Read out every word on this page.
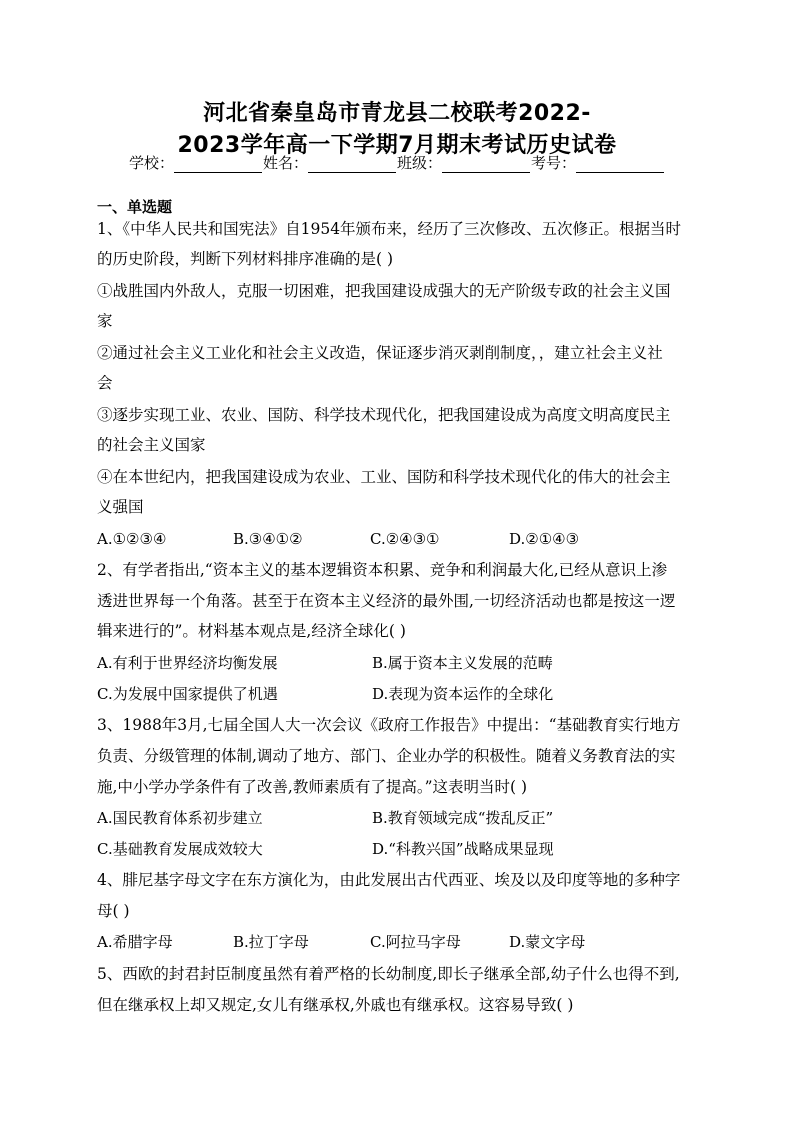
河北省秦皇岛市青龙县二校联考2022-
2023学年高一下学期7月期末考试历史试卷
学校：	姓名：	班级：	考号：
一、单选题
1、《中华人民共和国宪法》自1954年颁布来，经历了三次修改、五次修正。根据当时
的历史阶段，判断下列材料排序准确的是( )
①战胜国内外敌人，克服一切困难，把我国建设成强大的无产阶级专政的社会主义国
家
②通过社会主义工业化和社会主义改造，保证逐步消灭剥削制度，，建立社会主义社
会
③逐步实现工业、农业、国防、科学技术现代化，把我国建设成为高度文明高度民主
的社会主义国家
④在本世纪内，把我国建设成为农业、工业、国防和科学技术现代化的伟大的社会主
义强国
A.①②③④	B.③④①②	C.②④③①	D.②①④③
2、有学者指出,“资本主义的基本逻辑资本积累、竞争和利润最大化,已经从意识上渗
透进世界每一个角落。甚至于在资本主义经济的最外围,一切经济活动也都是按这一逻
辑来进行的”。材料基本观点是,经济全球化( )
A.有利于世界经济均衡发展	B.属于资本主义发展的范畴
C.为发展中国家提供了机遇	D.表现为资本运作的全球化
3、1988年3月,七届全国人大一次会议《政府工作报告》中提出：“基础教育实行地方
负责、分级管理的体制,调动了地方、部门、企业办学的积极性。随着义务教育法的实
施,中小学办学条件有了改善,教师素质有了提高。”这表明当时( )
A.国民教育体系初步建立	B.教育领域完成“拨乱反正”
C.基础教育发展成效较大	D.“科教兴国”战略成果显现
4、腓尼基字母文字在东方演化为，由此发展出古代西亚、埃及以及印度等地的多种字
母( )
A.希腊字母	B.拉丁字母	C.阿拉马字母	D.蒙文字母
5、西欧的封君封臣制度虽然有着严格的长幼制度,即长子继承全部,幼子什么也得不到,
但在继承权上却又规定,女儿有继承权,外戚也有继承权。这容易导致( )
